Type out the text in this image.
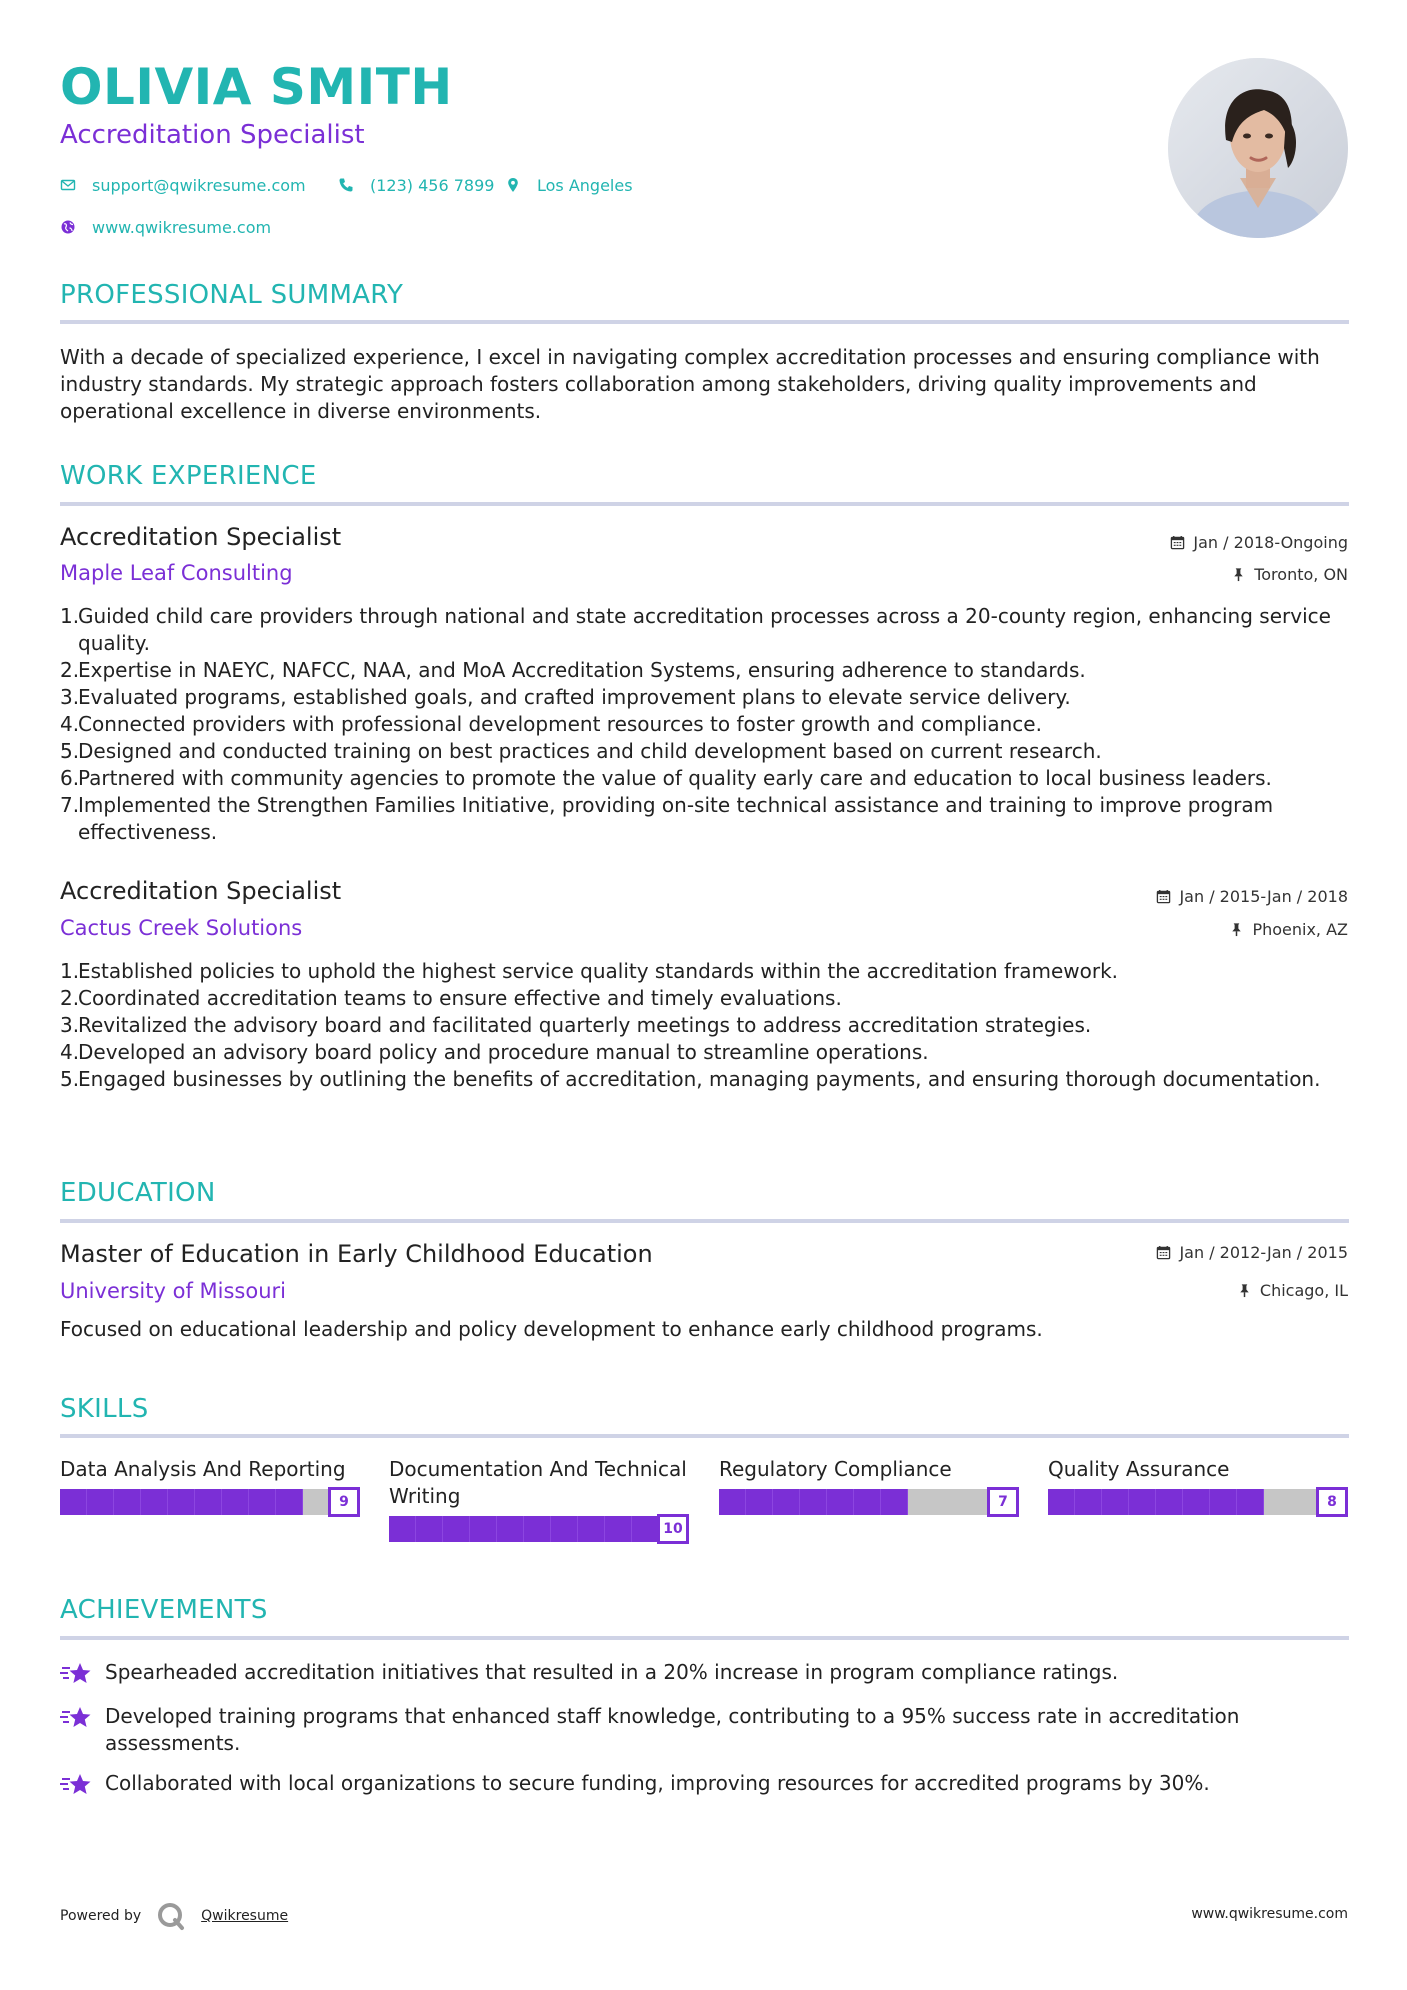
OLIVIA SMITH
Accreditation Specialist
support@qwikresume.com	(123) 456 7899	Los Angeles
www.qwikresume.com
PROFESSIONAL SUMMARY
With a decade of specialized experience, I excel in navigating complex accreditation processes and ensuring compliance with industry standards. My strategic approach fosters collaboration among stakeholders, driving quality improvements and operational excellence in diverse environments.
WORK EXPERIENCE
Accreditation Specialist
Maple Leaf Consulting
Jan / 2018-Ongoing
Toronto, ON
1.
Guided child care providers through national and state accreditation processes across a 20-county region, enhancing service quality.
2.
Expertise in NAEYC, NAFCC, NAA, and MoA Accreditation Systems, ensuring adherence to standards.
3.
Evaluated programs, established goals, and crafted improvement plans to elevate service delivery.
4.
Connected providers with professional development resources to foster growth and compliance.
5.
Designed and conducted training on best practices and child development based on current research.
6.
Partnered with community agencies to promote the value of quality early care and education to local business leaders.
7.
Implemented the Strengthen Families Initiative, providing on-site technical assistance and training to improve program effectiveness.
Accreditation Specialist
Cactus Creek Solutions
Jan / 2015-Jan / 2018
Phoenix, AZ
1.
Established policies to uphold the highest service quality standards within the accreditation framework.
2.
Coordinated accreditation teams to ensure effective and timely evaluations.
3.
Revitalized the advisory board and facilitated quarterly meetings to address accreditation strategies.
4.
Developed an advisory board policy and procedure manual to streamline operations.
5.
Engaged businesses by outlining the benefits of accreditation, managing payments, and ensuring thorough documentation.
EDUCATION
Master of Education in Early Childhood Education
University of Missouri
Jan / 2012-Jan / 2015
Chicago, IL
Focused on educational leadership and policy development to enhance early childhood programs.
SKILLS
Data Analysis And Reporting
9
Documentation And Technical Writing
10
Regulatory Compliance
7
Quality Assurance
8
ACHIEVEMENTS
Spearheaded accreditation initiatives that resulted in a 20% increase in program compliance ratings.
Developed training programs that enhanced staff knowledge, contributing to a 95% success rate in accreditation assessments.
Collaborated with local organizations to secure funding, improving resources for accredited programs by 30%.
Powered by	Qwikresume	www.qwikresume.com
